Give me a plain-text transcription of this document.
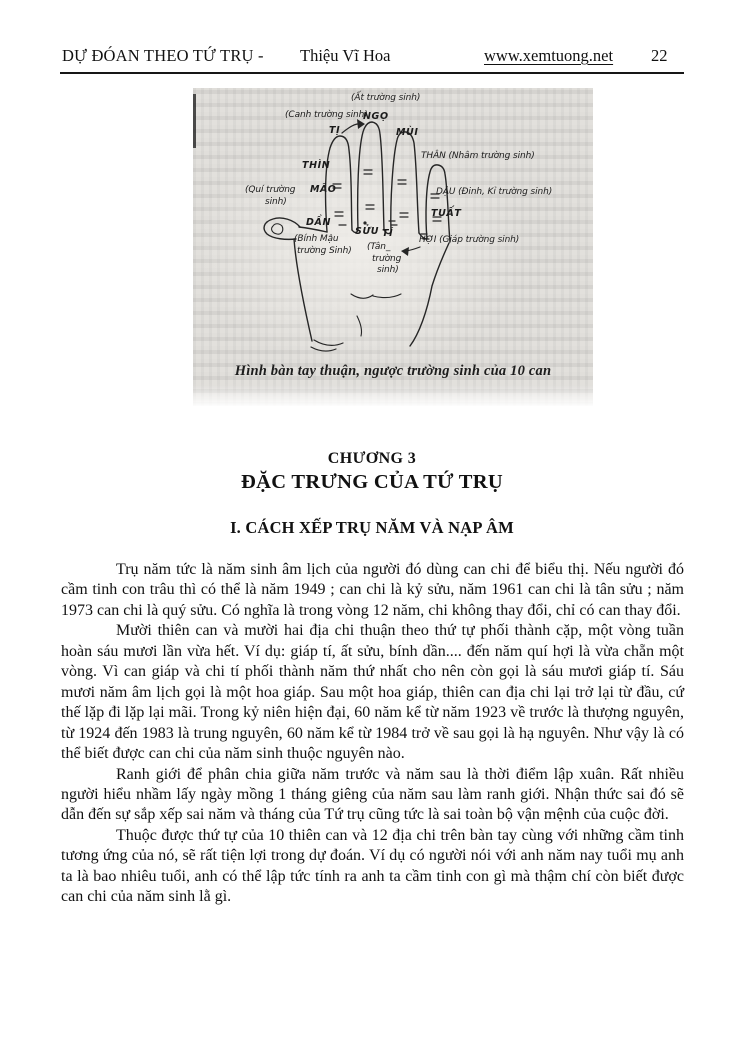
DỰ ĐÓAN THEO TỨ TRỤ - Thiệu Vĩ Hoa	www.xemtuong.net 22
(Ất trường sinh)
(Canh trường sinh)
NGỌ
TỊ	MÙI
THÌN
THÂN (Nhâm trường sinh)
(Quí trường MÃO
sinh)
DẬU (Đinh, Kỉ trường sinh)
TUẤT
DẦN
SỬU TÍ
(Bính Mậu
trường Sinh) (Tân_
trường
sinh)
HỢI (Giáp trường sinh)
Hình bàn tay thuận, ngược trường sinh của 10 can
CHƯƠNG 3
ĐẶC TRƯNG CỦA TỨ TRỤ
I. CÁCH XẾP TRỤ NĂM VÀ NẠP ÂM

Trụ năm tức là năm sinh âm lịch của người đó dùng can chi để biểu thị. Nếu người đó cầm tinh con trâu thì có thể là năm 1949 ; can chi là kỷ sửu, năm 1961 can chi là tân sửu ; năm 1973 can chi là quý sửu. Có nghĩa là trong vòng 12 năm, chi không thay đổi, chỉ có can thay đổi.

Mười thiên can và mười hai địa chi thuận theo thứ tự phối thành cặp, một vòng tuần hoàn sáu mươi lần vừa hết. Ví dụ: giáp tí, ất sửu, bính dần.... đến năm quí hợi là vừa chẵn một vòng. Vì can giáp và chi tí phối thành năm thứ nhất cho nên còn gọi là sáu mươi giáp tí. Sáu mươi năm âm lịch gọi là một hoa giáp. Sau một hoa giáp, thiên can địa chi lại trở lại từ đầu, cứ thế lặp đi lặp lại mãi. Trong kỷ niên hiện đại, 60 năm kể từ năm 1923 về trước là thượng nguyên, từ 1924 đến 1983 là trung nguyên, 60 năm kể từ 1984 trở về sau gọi là hạ nguyên. Như vậy là có thể biết được can chi của năm sinh thuộc nguyên nào.

Ranh giới để phân chia giữa năm trước và năm sau là thời điểm lập xuân. Rất nhiều người hiểu nhầm lấy ngày mồng 1 tháng giêng của năm sau làm ranh giới. Nhận thức sai đó sẽ dẫn đến sự sắp xếp sai năm và tháng của Tứ trụ cũng tức là sai toàn bộ vận mệnh của cuộc đời.

Thuộc được thứ tự của 10 thiên can và 12 địa chi trên bàn tay cùng với những cầm tinh tương ứng của nó, sẽ rất tiện lợi trong dự đoán. Ví dụ có người nói với anh năm nay tuổi mụ anh ta là bao nhiêu tuổi, anh có thể lập tức tính ra anh ta cầm tinh con gì mà thậm chí còn biết được can chi của năm sinh lằ gì.
